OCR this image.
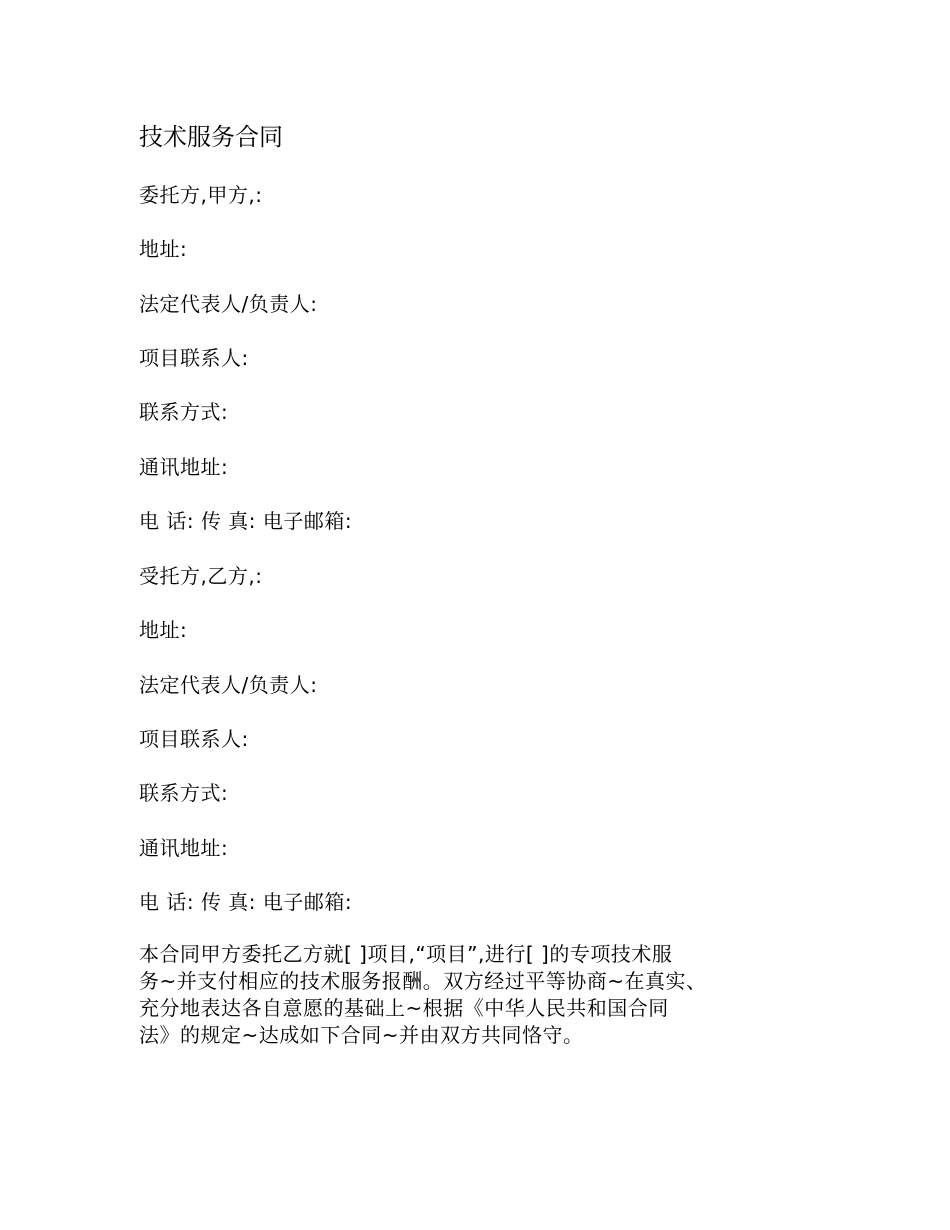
技术服务合同

委托方,甲方,:

地址:

法定代表人/负责人:

项目联系人:

联系方式:

通讯地址:

电 话: 传 真: 电子邮箱:

受托方,乙方,:

地址:

法定代表人/负责人:

项目联系人:

联系方式:

通讯地址:

电 话: 传 真: 电子邮箱:

本合同甲方委托乙方就[ ]项目,“项目”,进行[ ]的专项技术服
务~并支付相应的技术服务报酬。双方经过平等协商~在真实、
充分地表达各自意愿的基础上~根据《中华人民共和国合同
法》的规定~达成如下合同~并由双方共同恪守。
